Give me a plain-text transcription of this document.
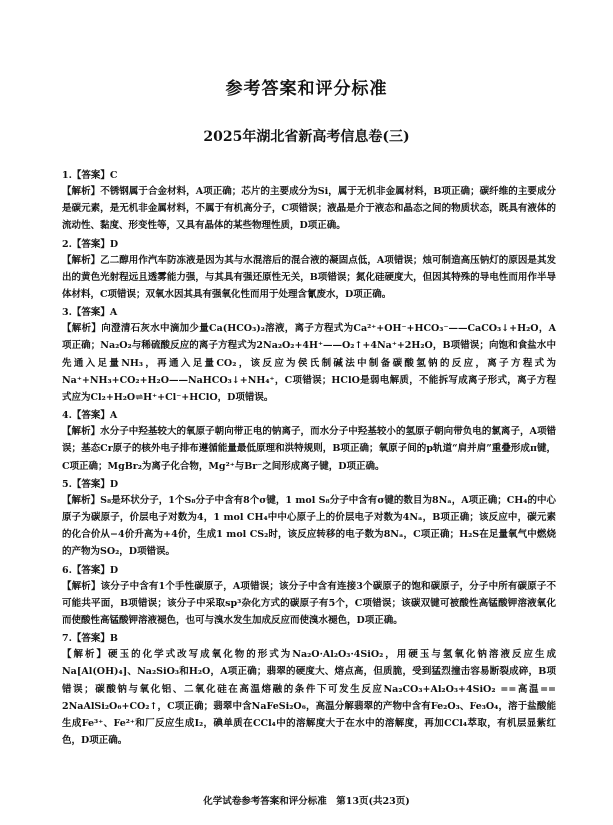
参考答案和评分标准
2025年湖北省新高考信息卷(三)
1.【答案】C
【解析】不锈钢属于合金材料，A项正确；芯片的主要成分为Si，属于无机非金属材料，B项正确；碳纤维的主要成分是碳元素，是无机非金属材料，不属于有机高分子，C项错误；液晶是介于液态和晶态之间的物质状态，既具有液体的流动性、黏度、形变性等，又具有晶体的某些物理性质，D项正确。
2.【答案】D
【解析】乙二醇用作汽车防冻液是因为其与水混溶后的混合液的凝固点低，A项错误；烛可制造高压钠灯的原因是其发出的黄色光射程远且透雾能力强，与其具有强还原性无关，B项错误；氮化硅硬度大，但因其特殊的导电性而用作半导体材料，C项错误；双氧水因其具有强氧化性而用于处理含氰废水，D项正确。
3.【答案】A
【解析】向澄清石灰水中滴加少量Ca(HCO₃)₂溶液，离子方程式为Ca²⁺+OH⁻+HCO₃⁻——CaCO₃↓+H₂O，A项正确；Na₂O₂与稀硫酸反应的离子方程式为2Na₂O₂+4H⁺——O₂↑+4Na⁺+2H₂O，B项错误；向饱和食盐水中先通入足量NH₃，再通入足量CO₂，该反应为侯氏制碱法中制备碳酸氢钠的反应，离子方程式为Na⁺+NH₃+CO₂+H₂O——NaHCO₃↓+NH₄⁺，C项错误；HClO是弱电解质，不能拆写成离子形式，离子方程式应为Cl₂+H₂O⇌H⁺+Cl⁻+HClO，D项错误。
4.【答案】A
【解析】水分子中羟基较大的氧原子朝向带正电的钠离子，而水分子中羟基较小的氢原子朝向带负电的氯离子，A项错误；基态Cr原子的核外电子排布遵循能量最低原理和洪特规则，B项正确；氧原子间的p轨道“肩并肩”重叠形成π键，C项正确；MgBr₂为离子化合物，Mg²⁺与Br⁻之间形成离子键，D项正确。
5.【答案】D
【解析】S₈是环状分子，1个S₈分子中含有8个σ键，1 mol S₈分子中含有σ键的数目为8Nₐ，A项正确；CH₄的中心原子为碳原子，价层电子对数为4，1 mol CH₄中中心原子上的价层电子对数为4Nₐ，B项正确；该反应中，碳元素的化合价从−4价升高为+4价，生成1 mol CS₂时，该反应转移的电子数为8Nₐ，C项正确；H₂S在足量氧气中燃烧的产物为SO₂，D项错误。
6.【答案】D
【解析】该分子中含有1个手性碳原子，A项错误；该分子中含有连接3个碳原子的饱和碳原子，分子中所有碳原子不可能共平面，B项错误；该分子中采取sp³杂化方式的碳原子有5个，C项错误；该碳双键可被酸性高锰酸钾溶液氧化而使酸性高锰酸钾溶液褪色，也可与溴水发生加成反应而使溴水褪色，D项正确。
7.【答案】B
【解析】硬玉的化学式改写成氧化物的形式为Na₂O·Al₂O₃·4SiO₂，用硬玉与氢氧化钠溶液反应生成Na[Al(OH)₄]、Na₂SiO₃和H₂O，A项正确；翡翠的硬度大、熔点高，但质脆，受到猛烈撞击容易断裂成碎，B项错误；碳酸钠与氧化铝、二氧化硅在高温熔融的条件下可发生反应Na₂CO₃+Al₂O₃+4SiO₂ ==高温== 2NaAlSi₂O₆+CO₂↑，C项正确；翡翠中含NaFeSi₂O₆，高温分解翡翠的产物中含有Fe₂O₃、Fe₃O₄，溶于盐酸能生成Fe³⁺、Fe²⁺和厂反应生成I₂，碘单质在CCl₄中的溶解度大于在水中的溶解度，再加CCl₄萃取，有机层显紫红色，D项正确。
化学试卷参考答案和评分标准　第13页(共23页)
